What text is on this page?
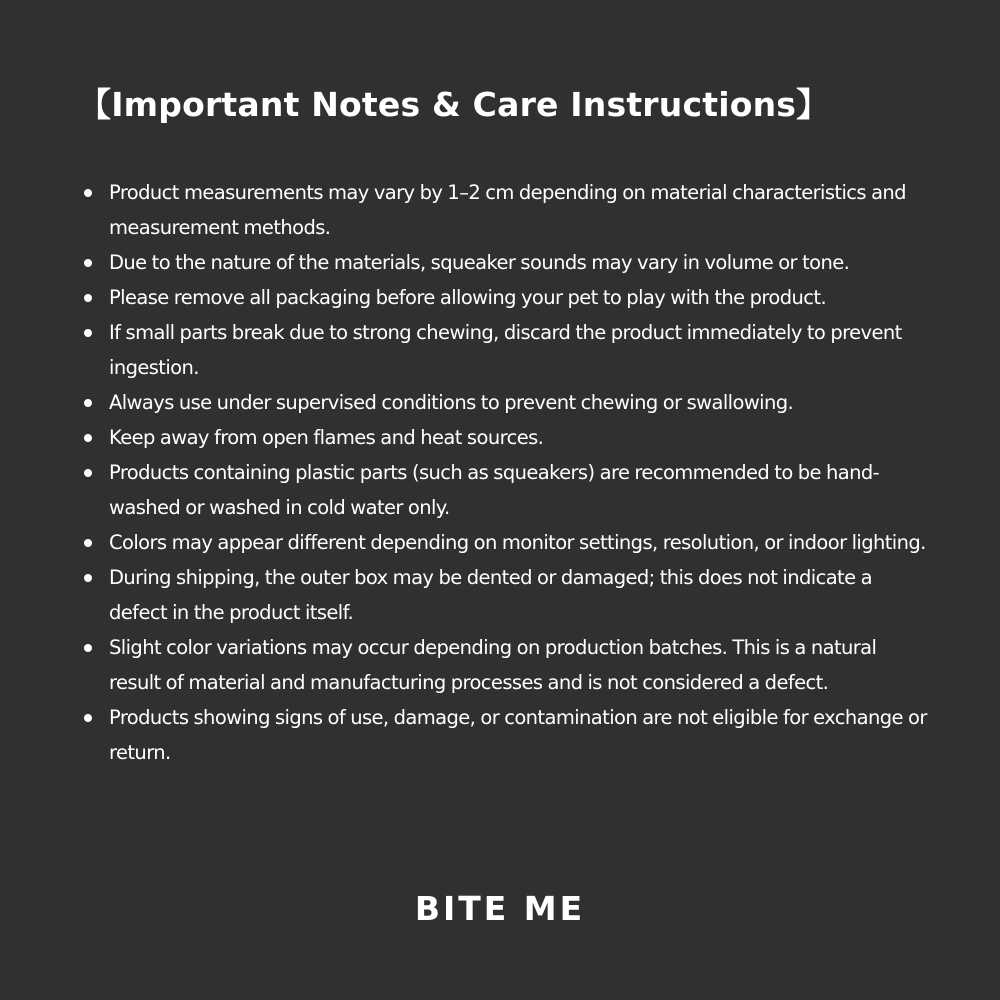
【Important Notes & Care Instructions】
Product measurements may vary by 1–2 cm depending on material characteristics and measurement methods.
Due to the nature of the materials, squeaker sounds may vary in volume or tone.
Please remove all packaging before allowing your pet to play with the product.
If small parts break due to strong chewing, discard the product immediately to prevent ingestion.
Always use under supervised conditions to prevent chewing or swallowing.
Keep away from open flames and heat sources.
Products containing plastic parts (such as squeakers) are recommended to be hand-washed or washed in cold water only.
Colors may appear different depending on monitor settings, resolution, or indoor lighting.
During shipping, the outer box may be dented or damaged; this does not indicate a defect in the product itself.
Slight color variations may occur depending on production batches. This is a natural result of material and manufacturing processes and is not considered a defect.
Products showing signs of use, damage, or contamination are not eligible for exchange or return.
BITE ME
